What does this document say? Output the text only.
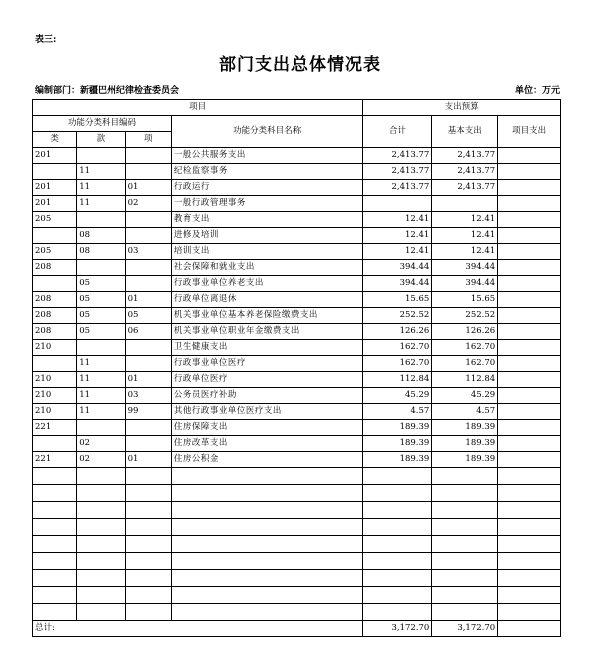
表三:
部门支出总体情况表
编制部门：新疆巴州纪律检查委员会	单位：万元
项目				支出预算		
功能分类科目编码			功能分类科目名称	合计	基本支出	项目支出
类	款	项				
201			一般公共服务支出	2,413.77	2,413.77	
	11		纪检监察事务	2,413.77	2,413.77	
201	11	01	行政运行	2,413.77	2,413.77	
201	11	02	一般行政管理事务			
205			教育支出	12.41	12.41	
	08		进修及培训	12.41	12.41	
205	08	03	培训支出	12.41	12.41	
208			社会保障和就业支出	394.44	394.44	
	05		行政事业单位养老支出	394.44	394.44	
208	05	01	行政单位离退休	15.65	15.65	
208	05	05	机关事业单位基本养老保险缴费支出	252.52	252.52	
208	05	06	机关事业单位职业年金缴费支出	126.26	126.26	
210			卫生健康支出	162.70	162.70	
	11		行政事业单位医疗	162.70	162.70	
210	11	01	行政单位医疗	112.84	112.84	
210	11	03	公务员医疗补助	45.29	45.29	
210	11	99	其他行政事业单位医疗支出	4.57	4.57	
221			住房保障支出	189.39	189.39	
	02		住房改革支出	189.39	189.39	
221	02	01	住房公积金	189.39	189.39	

总计:				3,172.70	3,172.70	
